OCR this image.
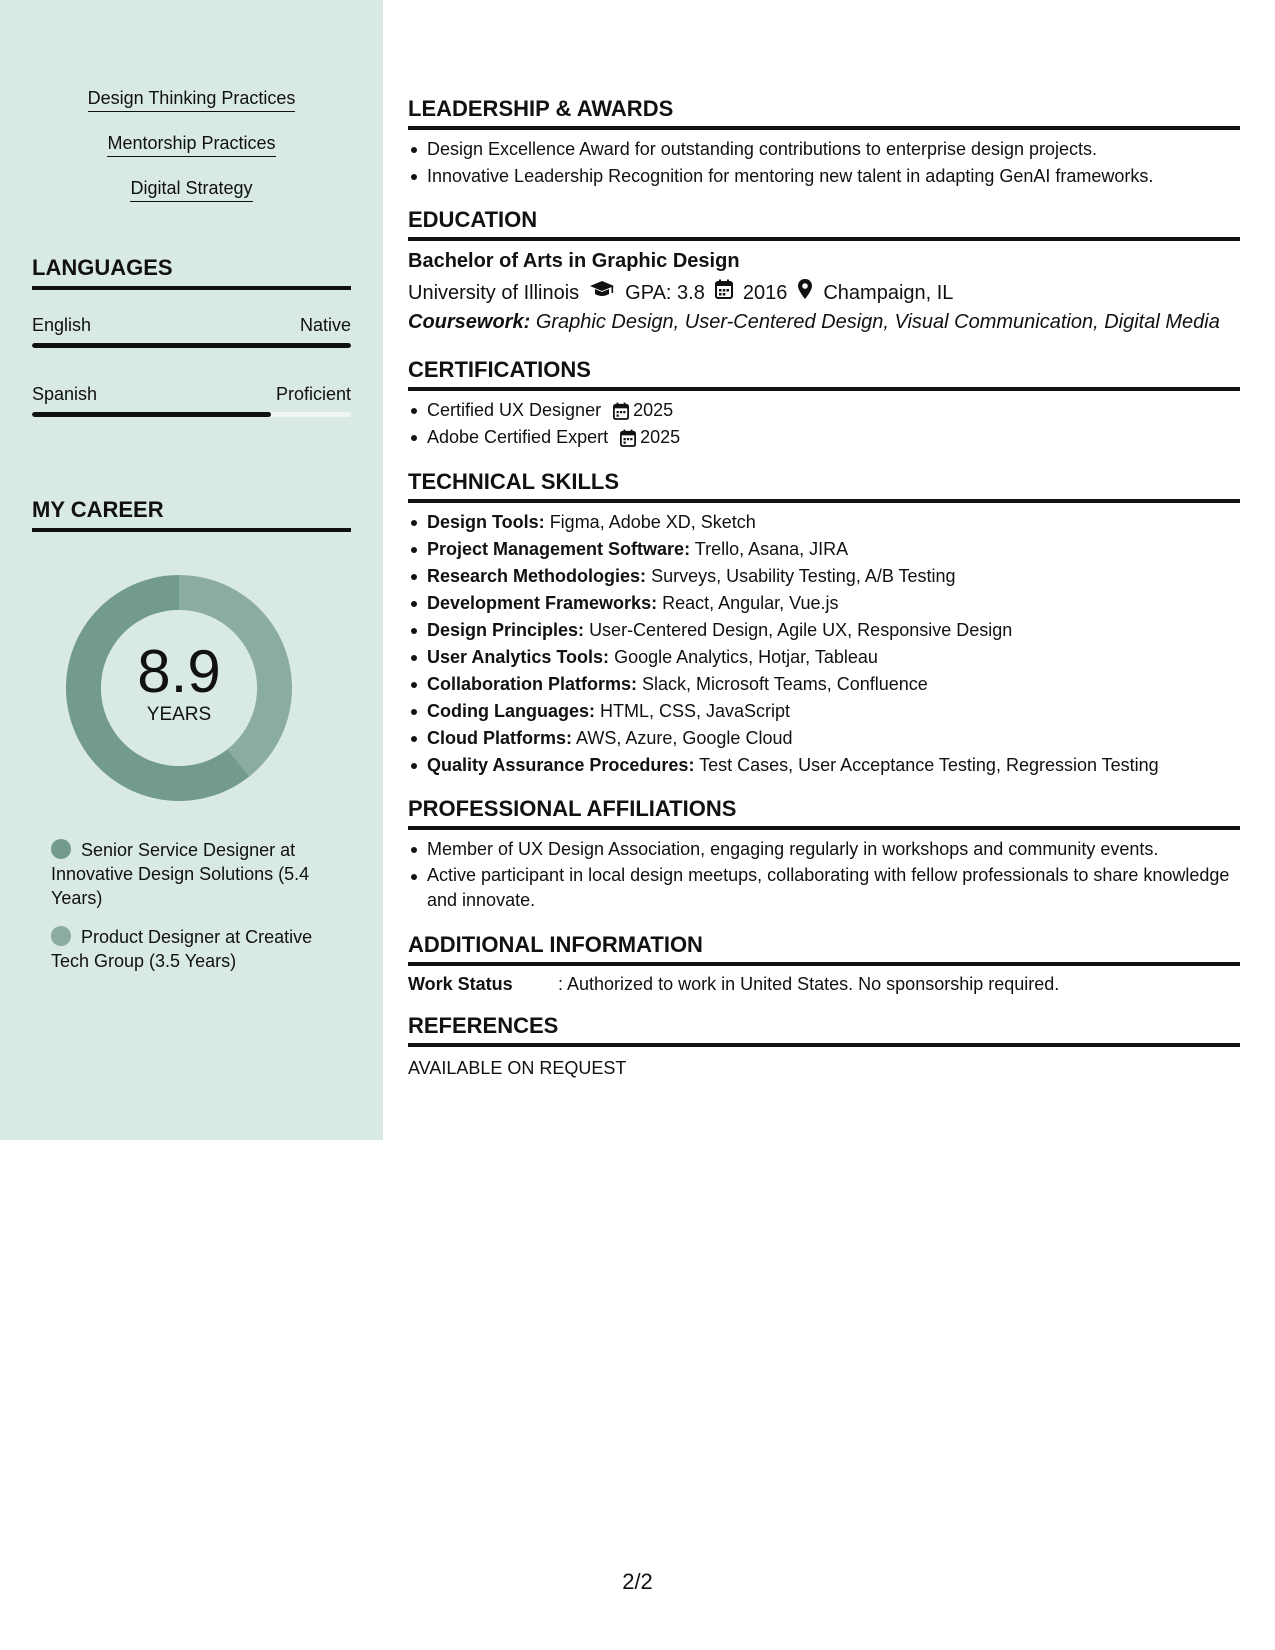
Design Thinking Practices
Mentorship Practices
Digital Strategy
LANGUAGES
English	Native
Spanish	Proficient
MY CAREER
8.9
YEARS
Senior Service Designer at Innovative Design Solutions (5.4 Years)
Product Designer at Creative Tech Group (3.5 Years)
LEADERSHIP & AWARDS
Design Excellence Award for outstanding contributions to enterprise design projects.
Innovative Leadership Recognition for mentoring new talent in adapting GenAI frameworks.
EDUCATION
Bachelor of Arts in Graphic Design
University of Illinois GPA: 3.8 2016 Champaign, IL
Coursework: Graphic Design, User-Centered Design, Visual Communication, Digital Media
CERTIFICATIONS
Certified UX Designer 2025
Adobe Certified Expert 2025
TECHNICAL SKILLS
Design Tools: Figma, Adobe XD, Sketch
Project Management Software: Trello, Asana, JIRA
Research Methodologies: Surveys, Usability Testing, A/B Testing
Development Frameworks: React, Angular, Vue.js
Design Principles: User-Centered Design, Agile UX, Responsive Design
User Analytics Tools: Google Analytics, Hotjar, Tableau
Collaboration Platforms: Slack, Microsoft Teams, Confluence
Coding Languages: HTML, CSS, JavaScript
Cloud Platforms: AWS, Azure, Google Cloud
Quality Assurance Procedures: Test Cases, User Acceptance Testing, Regression Testing
PROFESSIONAL AFFILIATIONS
Member of UX Design Association, engaging regularly in workshops and community events.
Active participant in local design meetups, collaborating with fellow professionals to share knowledge and innovate.
ADDITIONAL INFORMATION
Work Status	: Authorized to work in United States. No sponsorship required.
REFERENCES
AVAILABLE ON REQUEST
2/2
